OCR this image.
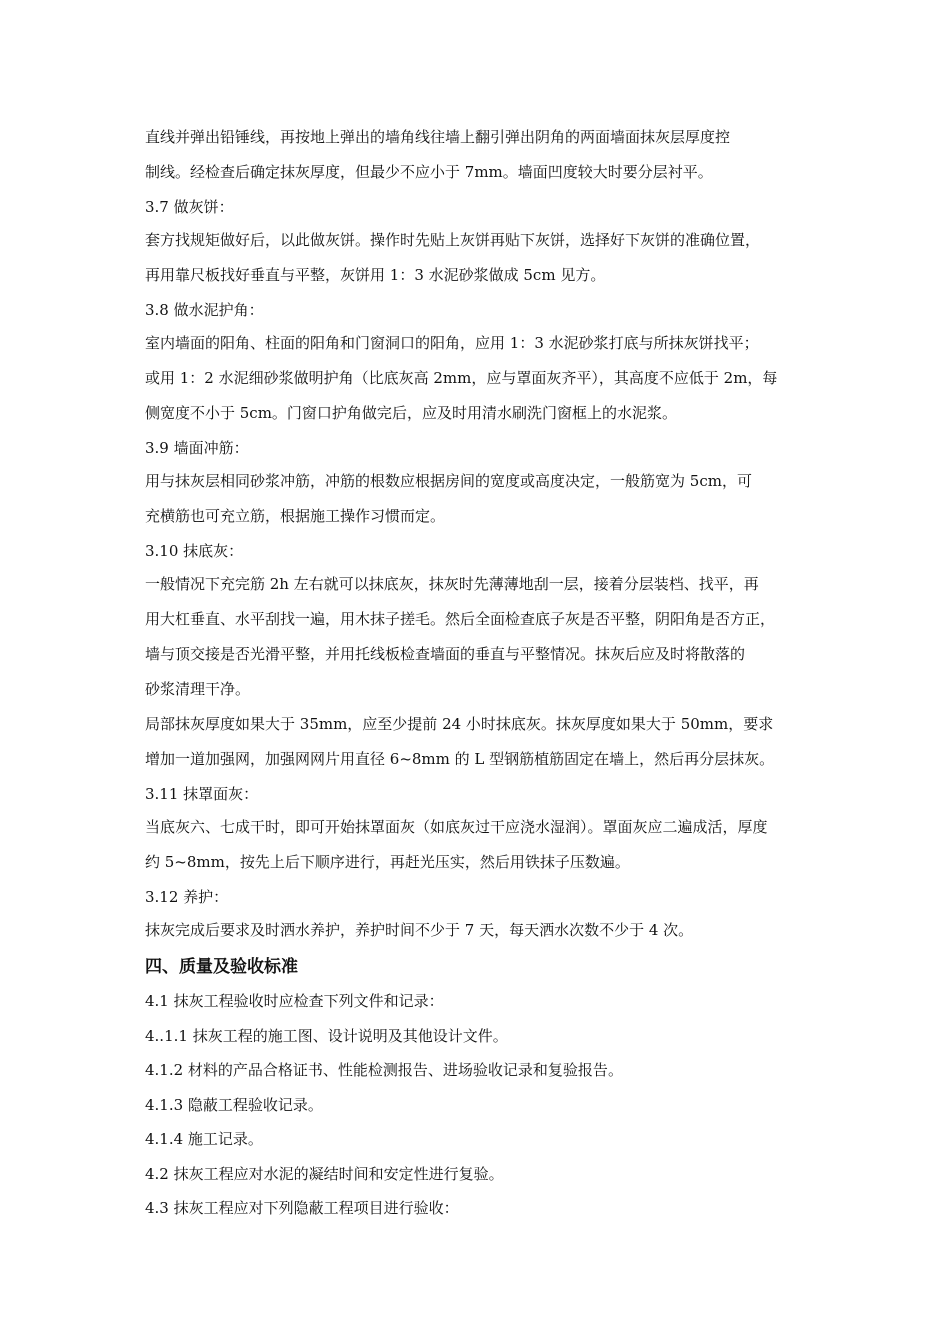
直线并弹出铅锤线，再按地上弹出的墙角线往墙上翻引弹出阴角的两面墙面抹灰层厚度控
制线。经检查后确定抹灰厚度，但最少不应小于 7mm。墙面凹度较大时要分层衬平。
3.7 做灰饼：
套方找规矩做好后，以此做灰饼。操作时先贴上灰饼再贴下灰饼，选择好下灰饼的准确位置，
再用靠尺板找好垂直与平整，灰饼用 1：3 水泥砂浆做成 5cm 见方。
3.8 做水泥护角：
室内墙面的阳角、柱面的阳角和门窗洞口的阳角，应用 1：3 水泥砂浆打底与所抹灰饼找平；
或用 1：2 水泥细砂浆做明护角（比底灰高 2mm，应与罩面灰齐平），其高度不应低于 2m，每
侧宽度不小于 5cm。门窗口护角做完后，应及时用清水刷洗门窗框上的水泥浆。
3.9 墙面冲筋：
用与抹灰层相同砂浆冲筋，冲筋的根数应根据房间的宽度或高度决定，一般筋宽为 5cm，可
充横筋也可充立筋，根据施工操作习惯而定。
3.10 抹底灰：
一般情况下充完筋 2h 左右就可以抹底灰，抹灰时先薄薄地刮一层，接着分层装档、找平，再
用大杠垂直、水平刮找一遍，用木抹子搓毛。然后全面检查底子灰是否平整，阴阳角是否方正，
墙与顶交接是否光滑平整，并用托线板检查墙面的垂直与平整情况。抹灰后应及时将散落的
砂浆清理干净。
局部抹灰厚度如果大于 35mm，应至少提前 24 小时抹底灰。抹灰厚度如果大于 50mm，要求
增加一道加强网，加强网网片用直径 6~8mm 的 L 型钢筋植筋固定在墙上，然后再分层抹灰。
3.11 抹罩面灰：
当底灰六、七成干时，即可开始抹罩面灰（如底灰过干应浇水湿润）。罩面灰应二遍成活，厚度
约 5~8mm，按先上后下顺序进行，再赶光压实，然后用铁抹子压数遍。
3.12 养护：
抹灰完成后要求及时洒水养护，养护时间不少于 7 天，每天洒水次数不少于 4 次。
四、质量及验收标准
4.1 抹灰工程验收时应检查下列文件和记录：
4..1.1 抹灰工程的施工图、设计说明及其他设计文件。
4.1.2 材料的产品合格证书、性能检测报告、进场验收记录和复验报告。
4.1.3 隐蔽工程验收记录。
4.1.4 施工记录。
4.2 抹灰工程应对水泥的凝结时间和安定性进行复验。
4.3 抹灰工程应对下列隐蔽工程项目进行验收：
